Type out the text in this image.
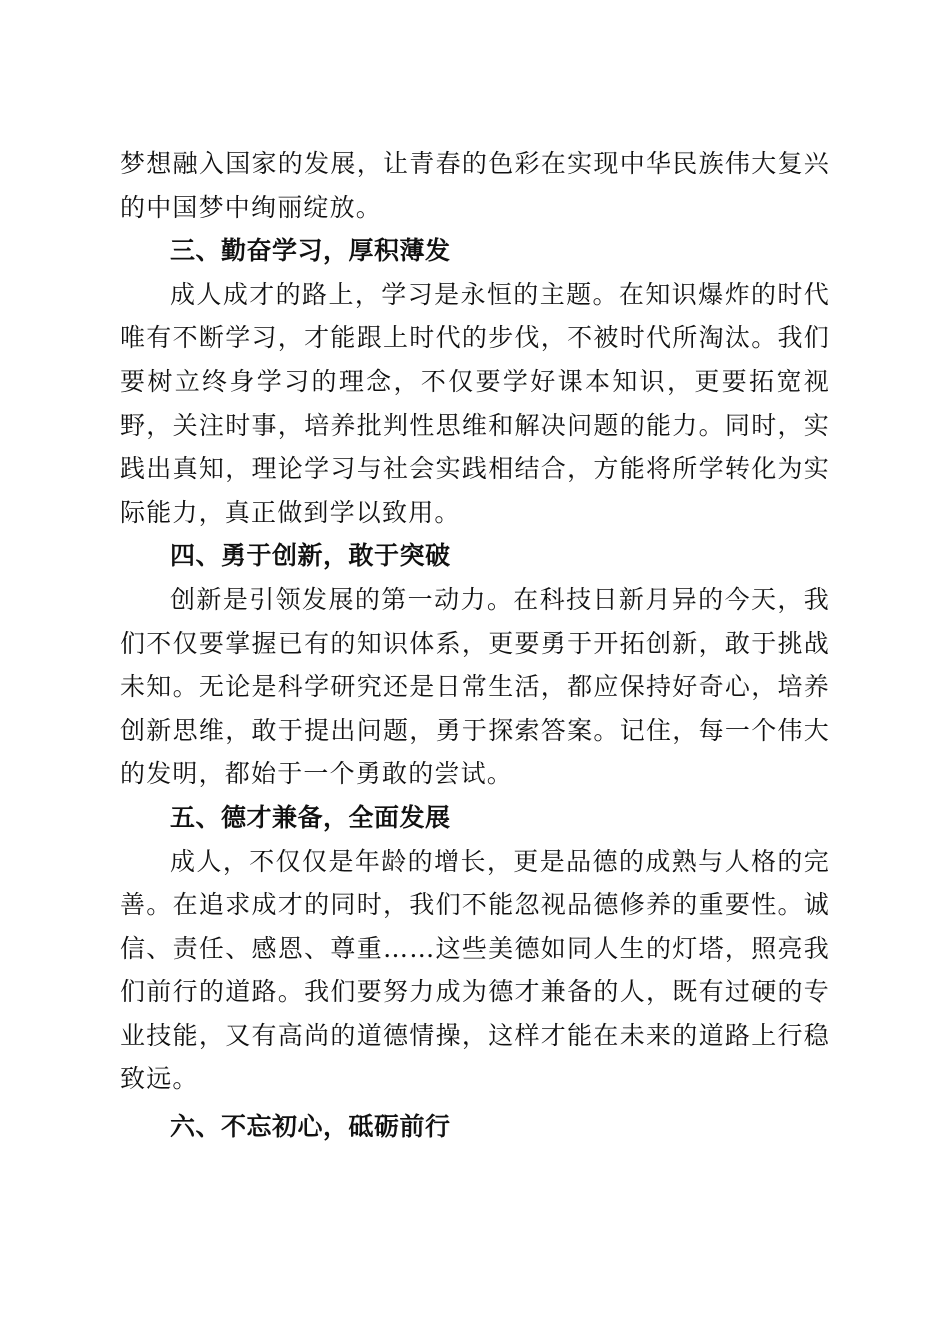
梦想融入国家的发展，让青春的色彩在实现中华民族伟大复兴的中国梦中绚丽绽放。

三、勤奋学习，厚积薄发

成人成才的路上，学习是永恒的主题。在知识爆炸的时代唯有不断学习，才能跟上时代的步伐，不被时代所淘汰。我们要树立终身学习的理念，不仅要学好课本知识，更要拓宽视野，关注时事，培养批判性思维和解决问题的能力。同时，实践出真知，理论学习与社会实践相结合，方能将所学转化为实际能力，真正做到学以致用。

四、勇于创新，敢于突破

创新是引领发展的第一动力。在科技日新月异的今天，我们不仅要掌握已有的知识体系，更要勇于开拓创新，敢于挑战未知。无论是科学研究还是日常生活，都应保持好奇心，培养创新思维，敢于提出问题，勇于探索答案。记住，每一个伟大的发明，都始于一个勇敢的尝试。

五、德才兼备，全面发展

成人，不仅仅是年龄的增长，更是品德的成熟与人格的完善。在追求成才的同时，我们不能忽视品德修养的重要性。诚信、责任、感恩、尊重……这些美德如同人生的灯塔，照亮我们前行的道路。我们要努力成为德才兼备的人，既有过硬的专业技能，又有高尚的道德情操，这样才能在未来的道路上行稳致远。

六、不忘初心，砥砺前行
